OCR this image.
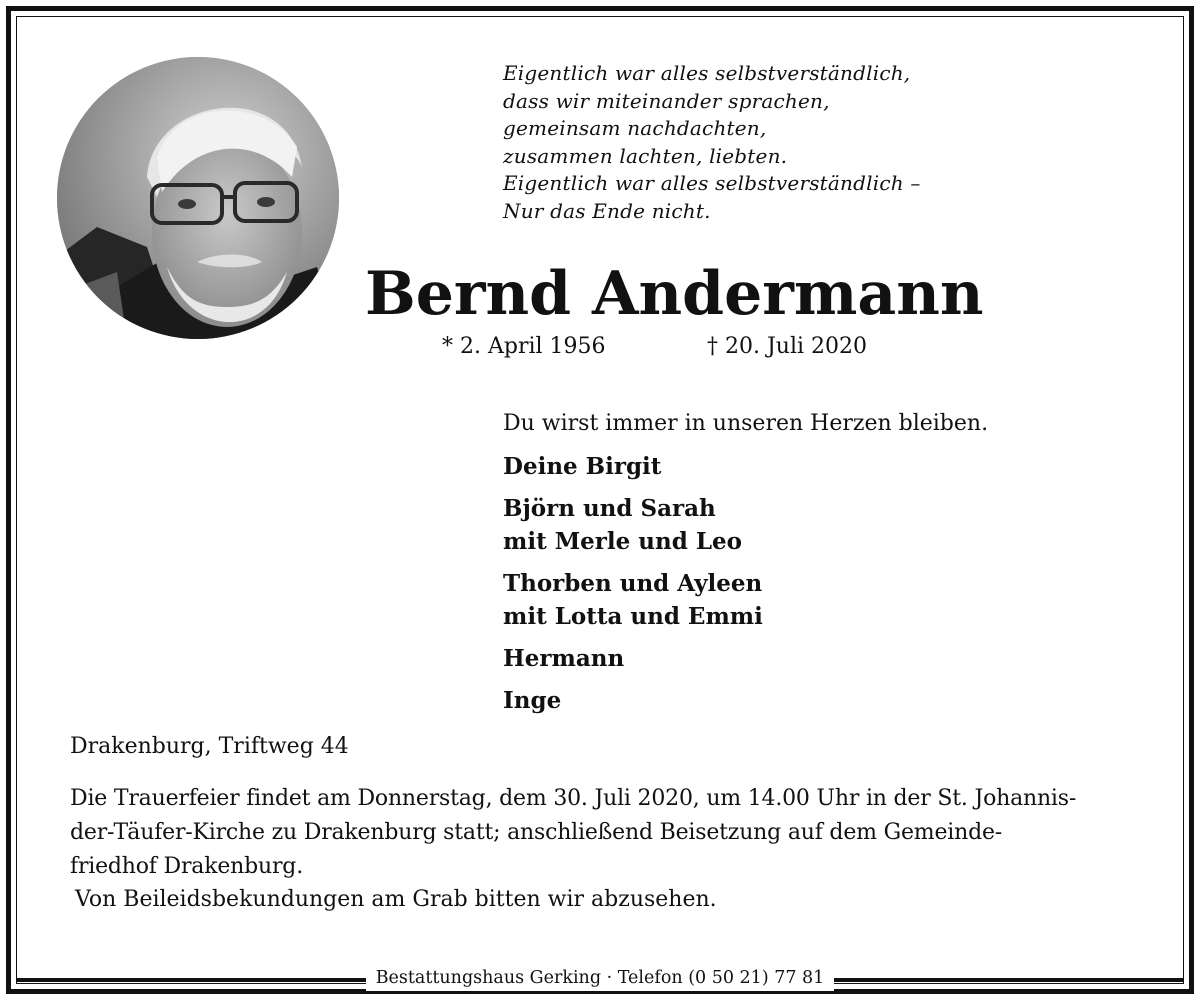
Eigentlich war alles selbstverständlich,
dass wir miteinander sprachen,
gemeinsam nachdachten,
zusammen lachten, liebten.
Eigentlich war alles selbstverständlich –
Nur das Ende nicht.
Bernd Andermann
* 2. April 1956	† 20. Juli 2020
Du wirst immer in unseren Herzen bleiben.
Deine Birgit
Björn und Sarah
mit Merle und Leo
Thorben und Ayleen
mit Lotta und Emmi
Hermann
Inge
Drakenburg, Triftweg 44
Die Trauerfeier findet am Donnerstag, dem 30. Juli 2020, um 14.00 Uhr in der St. Johannis-
der-Täufer-Kirche zu Drakenburg statt; anschließend Beisetzung auf dem Gemeinde-
friedhof Drakenburg.
Von Beileidsbekundungen am Grab bitten wir abzusehen.
Bestattungshaus Gerking · Telefon (0 50 21) 77 81
